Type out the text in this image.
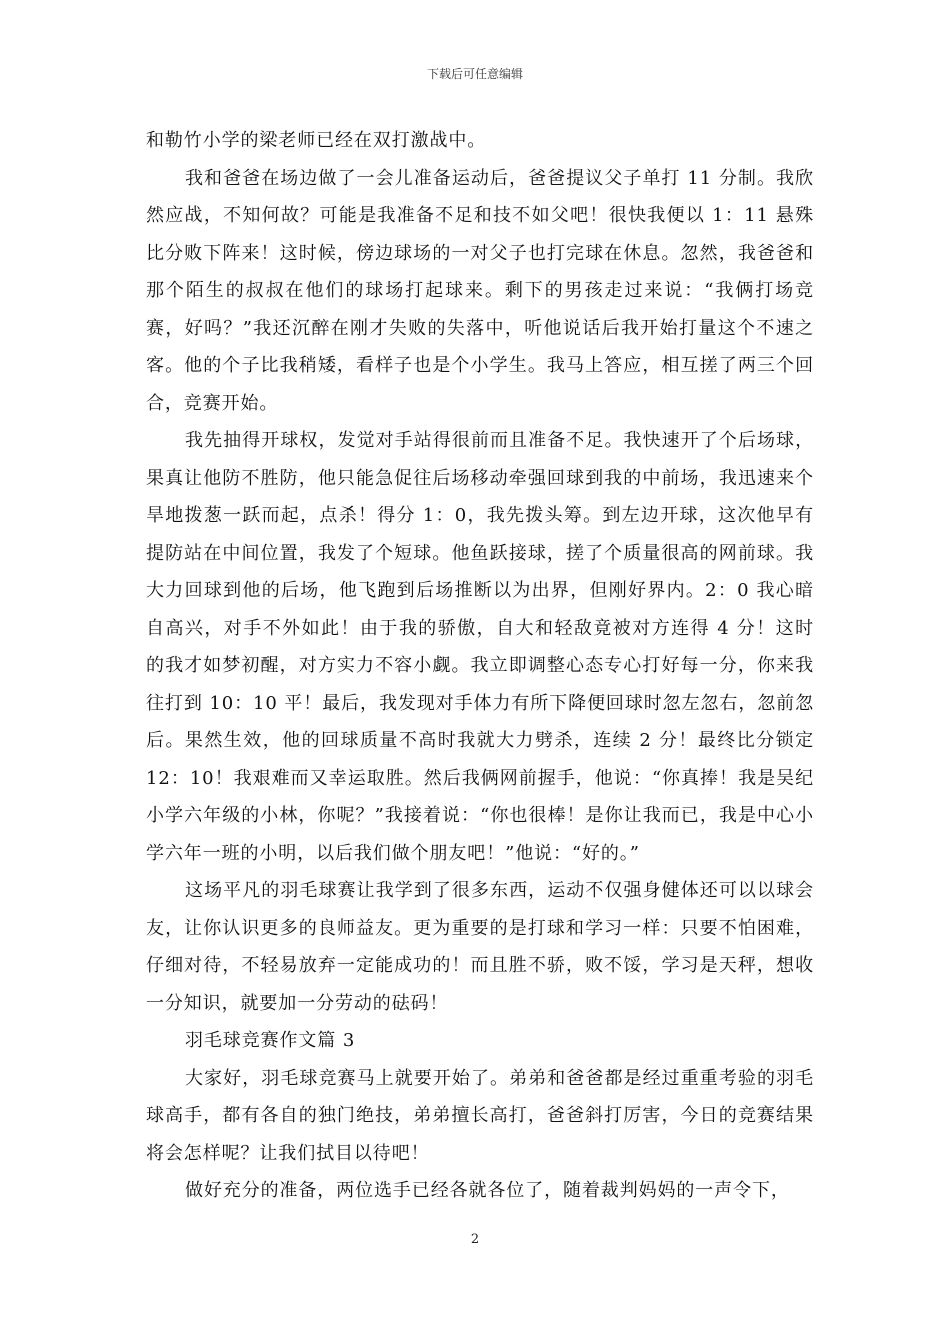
下载后可任意编辑

和勒竹小学的梁老师已经在双打激战中。

我和爸爸在场边做了一会儿准备运动后，爸爸提议父子单打 11 分制。我欣然应战，不知何故？可能是我准备不足和技不如父吧！很快我便以 1：11 悬殊比分败下阵来！这时候，傍边球场的一对父子也打完球在休息。忽然，我爸爸和那个陌生的叔叔在他们的球场打起球来。剩下的男孩走过来说：“我俩打场竞赛，好吗？”我还沉醉在刚才失败的失落中，听他说话后我开始打量这个不速之客。他的个子比我稍矮，看样子也是个小学生。我马上答应，相互搓了两三个回合，竞赛开始。

我先抽得开球权，发觉对手站得很前而且准备不足。我快速开了个后场球，果真让他防不胜防，他只能急促往后场移动牵强回球到我的中前场，我迅速来个旱地拨葱一跃而起，点杀！得分 1：0，我先拨头筹。到左边开球，这次他早有提防站在中间位置，我发了个短球。他鱼跃接球，搓了个质量很高的网前球。我大力回球到他的后场，他飞跑到后场推断以为出界，但刚好界内。2：0 我心暗自高兴，对手不外如此！由于我的骄傲，自大和轻敌竟被对方连得 4 分！这时的我才如梦初醒，对方实力不容小觑。我立即调整心态专心打好每一分，你来我往打到 10：10 平！最后，我发现对手体力有所下降便回球时忽左忽右，忽前忽后。果然生效，他的回球质量不高时我就大力劈杀，连续 2 分！最终比分锁定 12：10！我艰难而又幸运取胜。然后我俩网前握手，他说：“你真捧！我是吴纪小学六年级的小林，你呢？”我接着说：“你也很棒！是你让我而已，我是中心小学六年一班的小明，以后我们做个朋友吧！”他说：“好的。”

这场平凡的羽毛球赛让我学到了很多东西，运动不仅强身健体还可以以球会友，让你认识更多的良师益友。更为重要的是打球和学习一样：只要不怕困难，仔细对待，不轻易放弃一定能成功的！而且胜不骄，败不馁，学习是天秤，想收一分知识，就要加一分劳动的砝码！

羽毛球竞赛作文篇 3

大家好，羽毛球竞赛马上就要开始了。弟弟和爸爸都是经过重重考验的羽毛球高手，都有各自的独门绝技，弟弟擅长高打，爸爸斜打厉害，今日的竞赛结果将会怎样呢？让我们拭目以待吧！

做好充分的准备，两位选手已经各就各位了，随着裁判妈妈的一声令下，

2
